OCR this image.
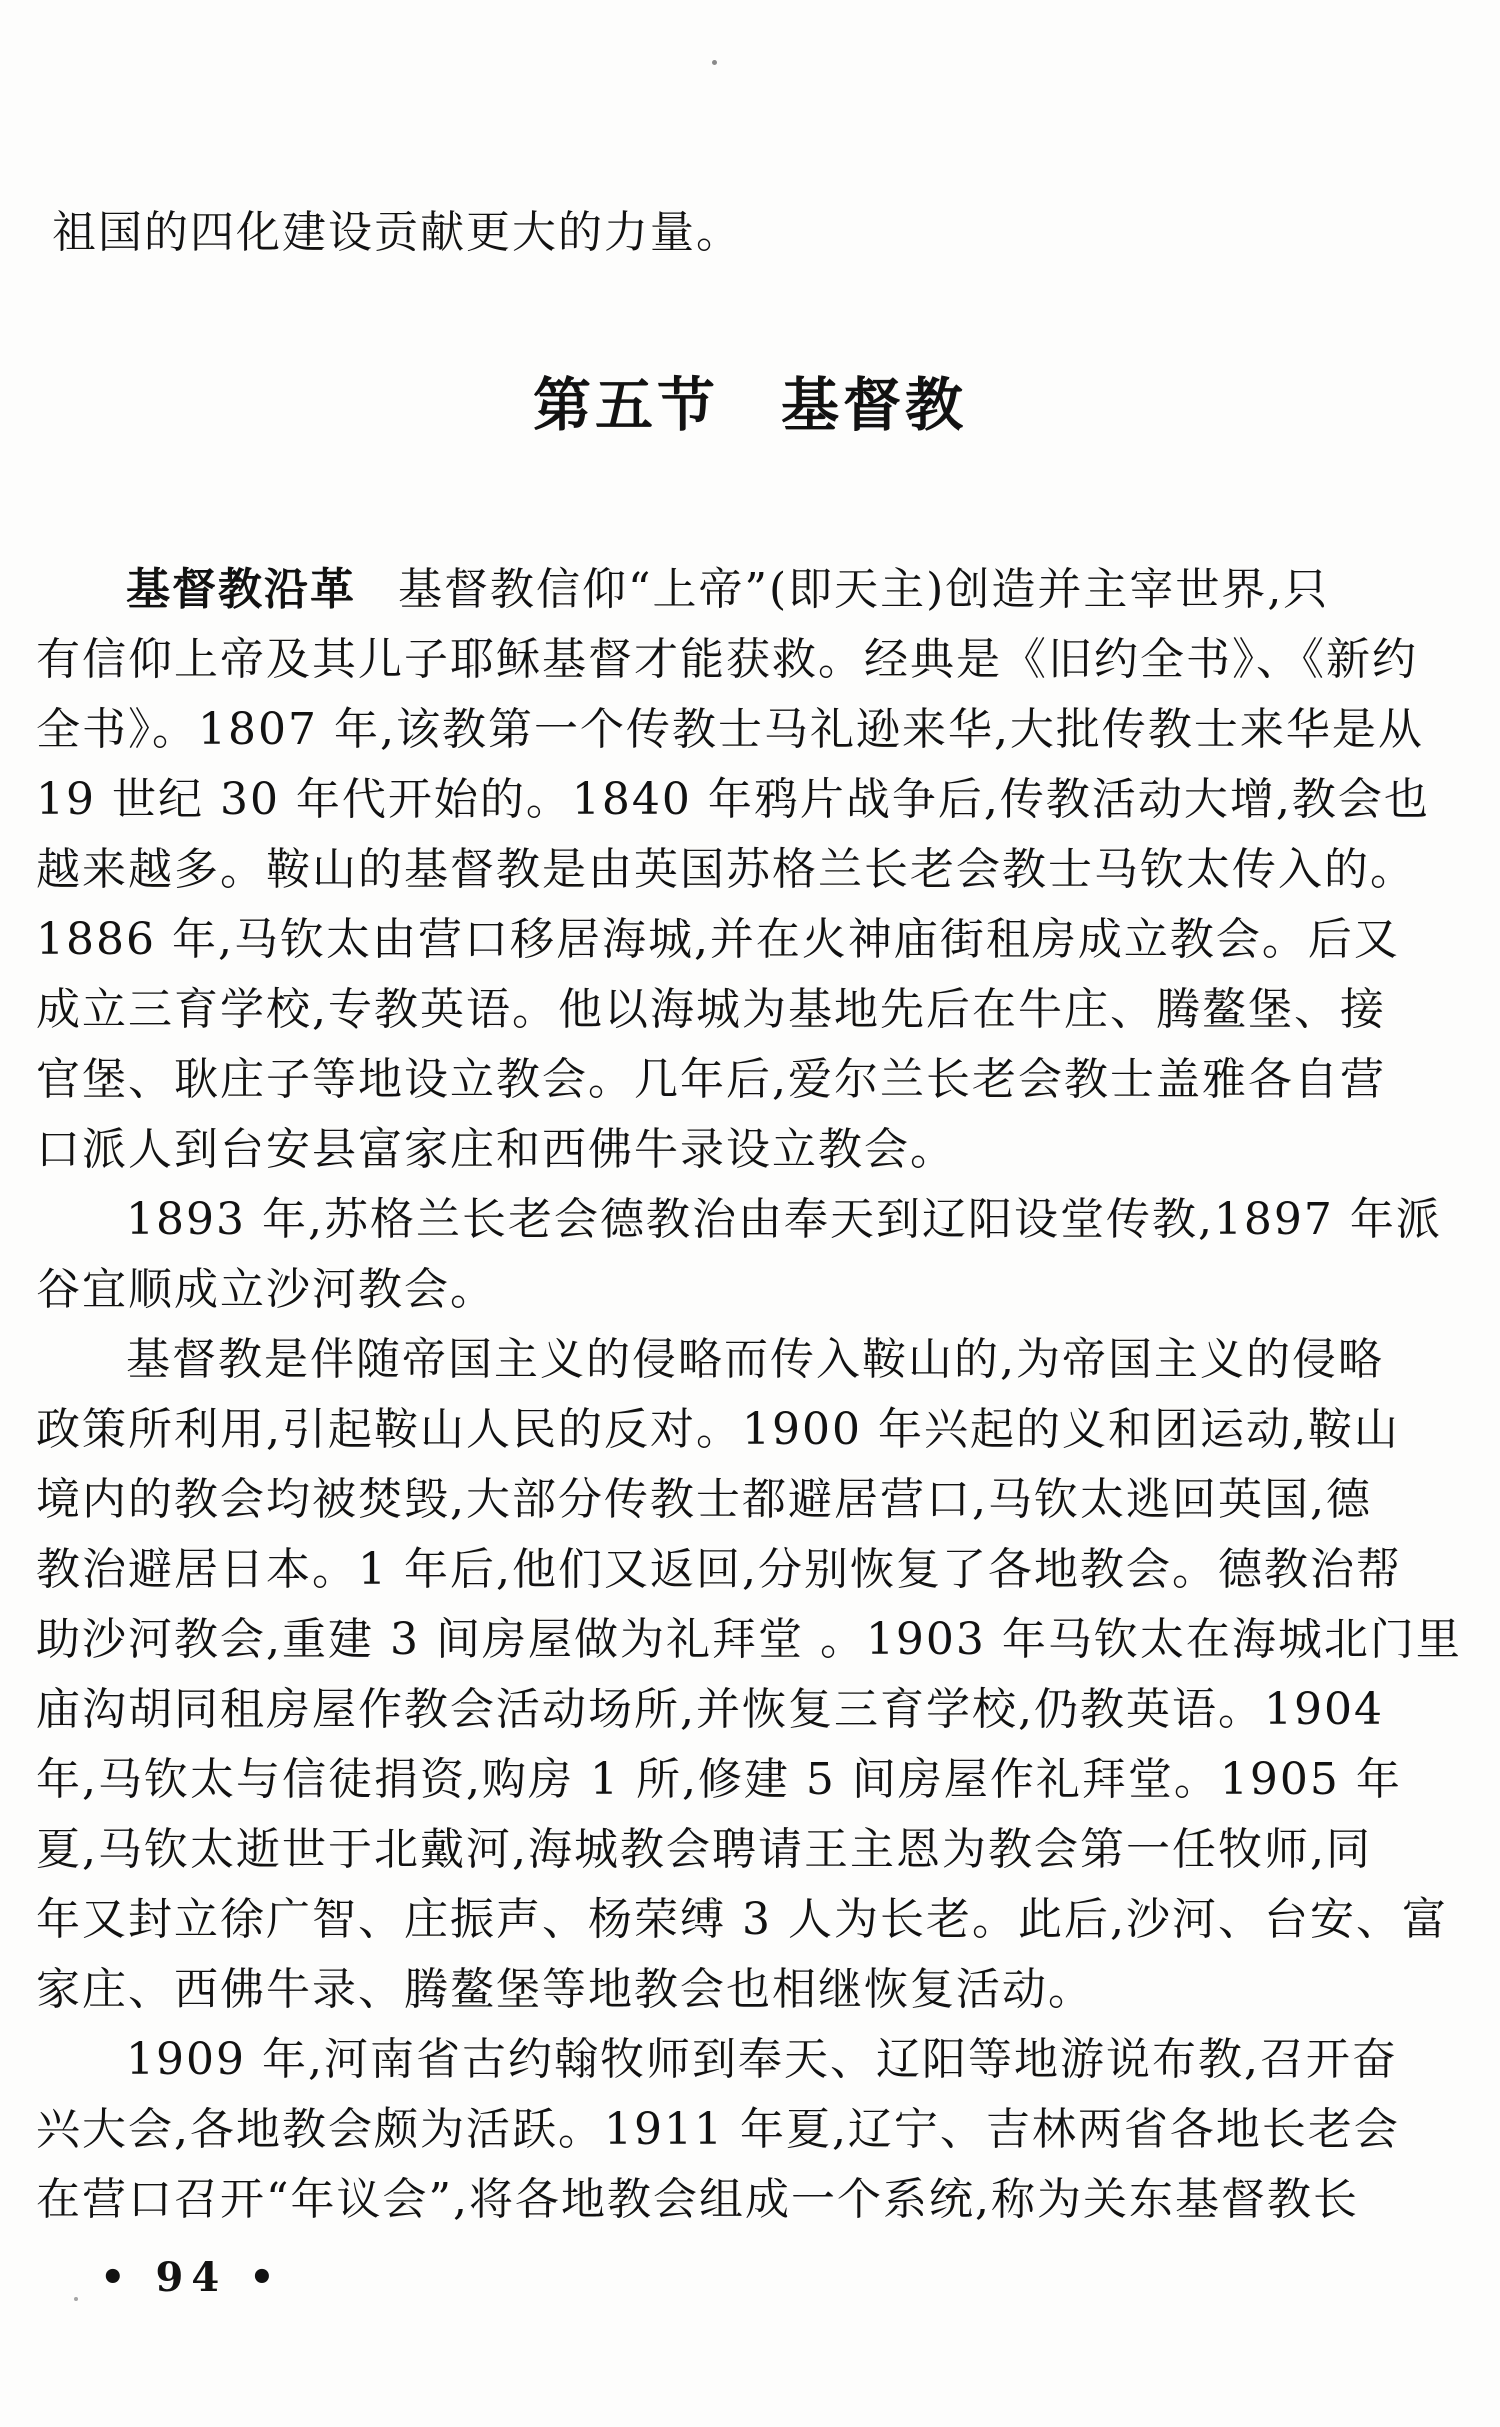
祖国的四化建设贡献更大的力量。
第五节　基督教
基督教沿革 基督教信仰“上帝”(即天主)创造并主宰世界,只
有信仰上帝及其儿子耶稣基督才能获救。经典是《旧约全书》、《新约
全书》。1807 年,该教第一个传教士马礼逊来华,大批传教士来华是从
19 世纪 30 年代开始的。1840 年鸦片战争后,传教活动大增,教会也
越来越多。鞍山的基督教是由英国苏格兰长老会教士马钦太传入的。
1886 年,马钦太由营口移居海城,并在火神庙街租房成立教会。后又
成立三育学校,专教英语。他以海城为基地先后在牛庄、腾鳌堡、接
官堡、耿庄子等地设立教会。几年后,爱尔兰长老会教士盖雅各自营
口派人到台安县富家庄和西佛牛录设立教会。
1893 年,苏格兰长老会德教治由奉天到辽阳设堂传教,1897 年派
谷宜顺成立沙河教会。
基督教是伴随帝国主义的侵略而传入鞍山的,为帝国主义的侵略
政策所利用,引起鞍山人民的反对。1900 年兴起的义和团运动,鞍山
境内的教会均被焚毁,大部分传教士都避居营口,马钦太逃回英国,德
教治避居日本。1 年后,他们又返回,分别恢复了各地教会。德教治帮
助沙河教会,重建 3 间房屋做为礼拜堂 。1903 年马钦太在海城北门里
庙沟胡同租房屋作教会活动场所,并恢复三育学校,仍教英语。1904
年,马钦太与信徒捐资,购房 1 所,修建 5 间房屋作礼拜堂。1905 年
夏,马钦太逝世于北戴河,海城教会聘请王主恩为教会第一任牧师,同
年又封立徐广智、庄振声、杨荣缚 3 人为长老。此后,沙河、台安、富
家庄、西佛牛录、腾鳌堡等地教会也相继恢复活动。
1909 年,河南省古约翰牧师到奉天、辽阳等地游说布教,召开奋
兴大会,各地教会颇为活跃。1911 年夏,辽宁、吉林两省各地长老会
在营口召开“年议会”,将各地教会组成一个系统,称为关东基督教长
• 94 •
